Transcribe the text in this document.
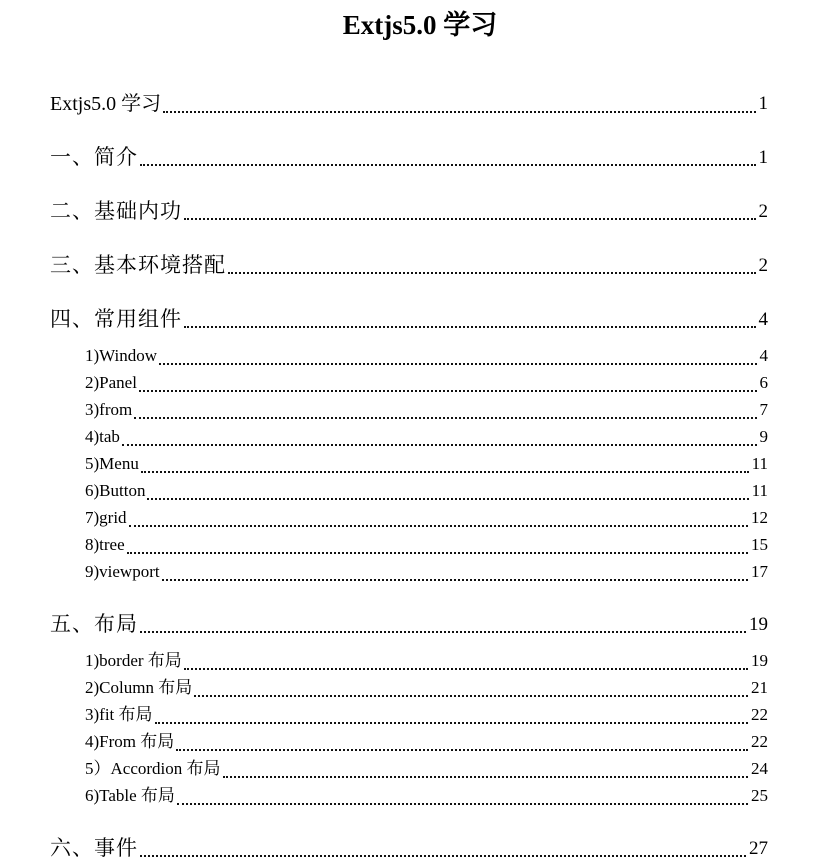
Extjs5.0 学习
Extjs5.0 学习	1
一、简介	1
二、基础内功	2
三、基本环境搭配	2
四、常用组件	4
1)Window	4
2)Panel	6
3)from	7
4)tab	9
5)Menu	11
6)Button	11
7)grid	12
8)tree	15
9)viewport	17
五、布局	19
1)border 布局	19
2)Column 布局	21
3)fit 布局	22
4)From 布局	22
5）Accordion 布局	24
6)Table 布局	25
六、事件	27
